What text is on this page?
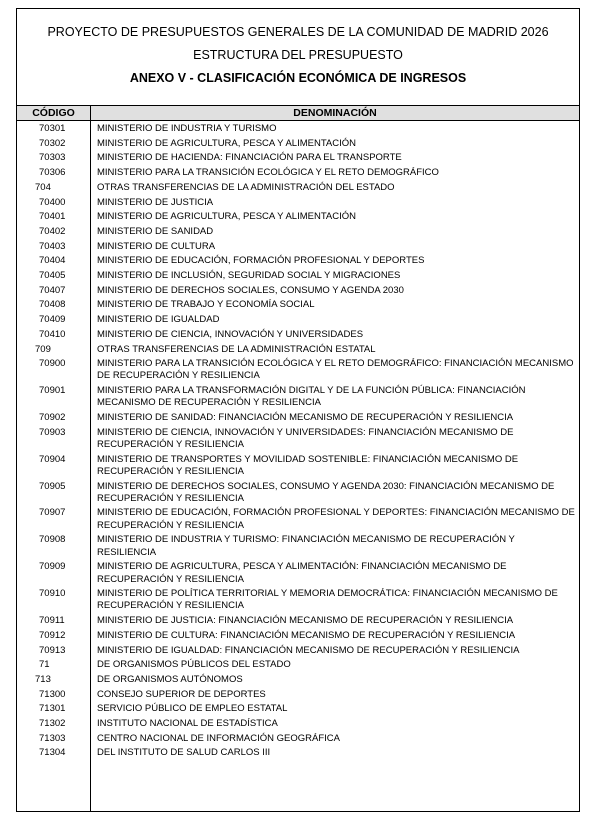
PROYECTO DE PRESUPUESTOS GENERALES DE LA COMUNIDAD DE MADRID 2026
ESTRUCTURA DEL PRESUPUESTO
ANEXO V - CLASIFICACIÓN ECONÓMICA DE INGRESOS
CÓDIGO	DENOMINACIÓN
70301	MINISTERIO DE INDUSTRIA Y TURISMO
70302	MINISTERIO DE AGRICULTURA, PESCA Y ALIMENTACIÓN
70303	MINISTERIO DE HACIENDA: FINANCIACIÓN PARA EL TRANSPORTE
70306	MINISTERIO PARA LA TRANSICIÓN ECOLÓGICA Y EL RETO DEMOGRÁFICO
704	OTRAS TRANSFERENCIAS DE LA ADMINISTRACIÓN DEL ESTADO
70400	MINISTERIO DE JUSTICIA
70401	MINISTERIO DE AGRICULTURA, PESCA Y ALIMENTACIÓN
70402	MINISTERIO DE SANIDAD
70403	MINISTERIO DE CULTURA
70404	MINISTERIO DE EDUCACIÓN, FORMACIÓN PROFESIONAL Y DEPORTES
70405	MINISTERIO DE INCLUSIÓN, SEGURIDAD SOCIAL Y MIGRACIONES
70407	MINISTERIO DE DERECHOS SOCIALES, CONSUMO Y AGENDA 2030
70408	MINISTERIO DE TRABAJO Y ECONOMÍA SOCIAL
70409	MINISTERIO DE IGUALDAD
70410	MINISTERIO DE CIENCIA, INNOVACIÓN Y UNIVERSIDADES
709	OTRAS TRANSFERENCIAS DE LA ADMINISTRACIÓN ESTATAL
70900	MINISTERIO PARA LA TRANSICIÓN ECOLÓGICA Y EL RETO DEMOGRÁFICO: FINANCIACIÓN MECANISMO DE RECUPERACIÓN Y RESILIENCIA
70901	MINISTERIO PARA LA TRANSFORMACIÓN DIGITAL Y DE LA FUNCIÓN PÚBLICA: FINANCIACIÓN MECANISMO DE RECUPERACIÓN Y RESILIENCIA
70902	MINISTERIO DE SANIDAD: FINANCIACIÓN MECANISMO DE RECUPERACIÓN Y RESILIENCIA
70903	MINISTERIO DE CIENCIA, INNOVACIÓN Y UNIVERSIDADES: FINANCIACIÓN MECANISMO DE RECUPERACIÓN Y RESILIENCIA
70904	MINISTERIO DE TRANSPORTES Y MOVILIDAD SOSTENIBLE: FINANCIACIÓN MECANISMO DE RECUPERACIÓN Y RESILIENCIA
70905	MINISTERIO DE DERECHOS SOCIALES, CONSUMO Y AGENDA 2030: FINANCIACIÓN MECANISMO DE RECUPERACIÓN Y RESILIENCIA
70907	MINISTERIO DE EDUCACIÓN, FORMACIÓN PROFESIONAL Y DEPORTES: FINANCIACIÓN MECANISMO DE RECUPERACIÓN Y RESILIENCIA
70908	MINISTERIO DE INDUSTRIA Y TURISMO: FINANCIACIÓN MECANISMO DE RECUPERACIÓN Y RESILIENCIA
70909	MINISTERIO DE AGRICULTURA, PESCA Y ALIMENTACIÓN: FINANCIACIÓN MECANISMO DE RECUPERACIÓN Y RESILIENCIA
70910	MINISTERIO DE POLÍTICA TERRITORIAL Y MEMORIA DEMOCRÁTICA: FINANCIACIÓN MECANISMO DE RECUPERACIÓN Y RESILIENCIA
70911	MINISTERIO DE JUSTICIA: FINANCIACIÓN MECANISMO DE RECUPERACIÓN Y RESILIENCIA
70912	MINISTERIO DE CULTURA: FINANCIACIÓN MECANISMO DE RECUPERACIÓN Y RESILIENCIA
70913	MINISTERIO DE IGUALDAD: FINANCIACIÓN MECANISMO DE RECUPERACIÓN Y RESILIENCIA
71	DE ORGANISMOS PÚBLICOS DEL ESTADO
713	DE ORGANISMOS AUTÓNOMOS
71300	CONSEJO SUPERIOR DE DEPORTES
71301	SERVICIO PÚBLICO DE EMPLEO ESTATAL
71302	INSTITUTO NACIONAL DE ESTADÍSTICA
71303	CENTRO NACIONAL DE INFORMACIÓN GEOGRÁFICA
71304	DEL INSTITUTO DE SALUD CARLOS III
